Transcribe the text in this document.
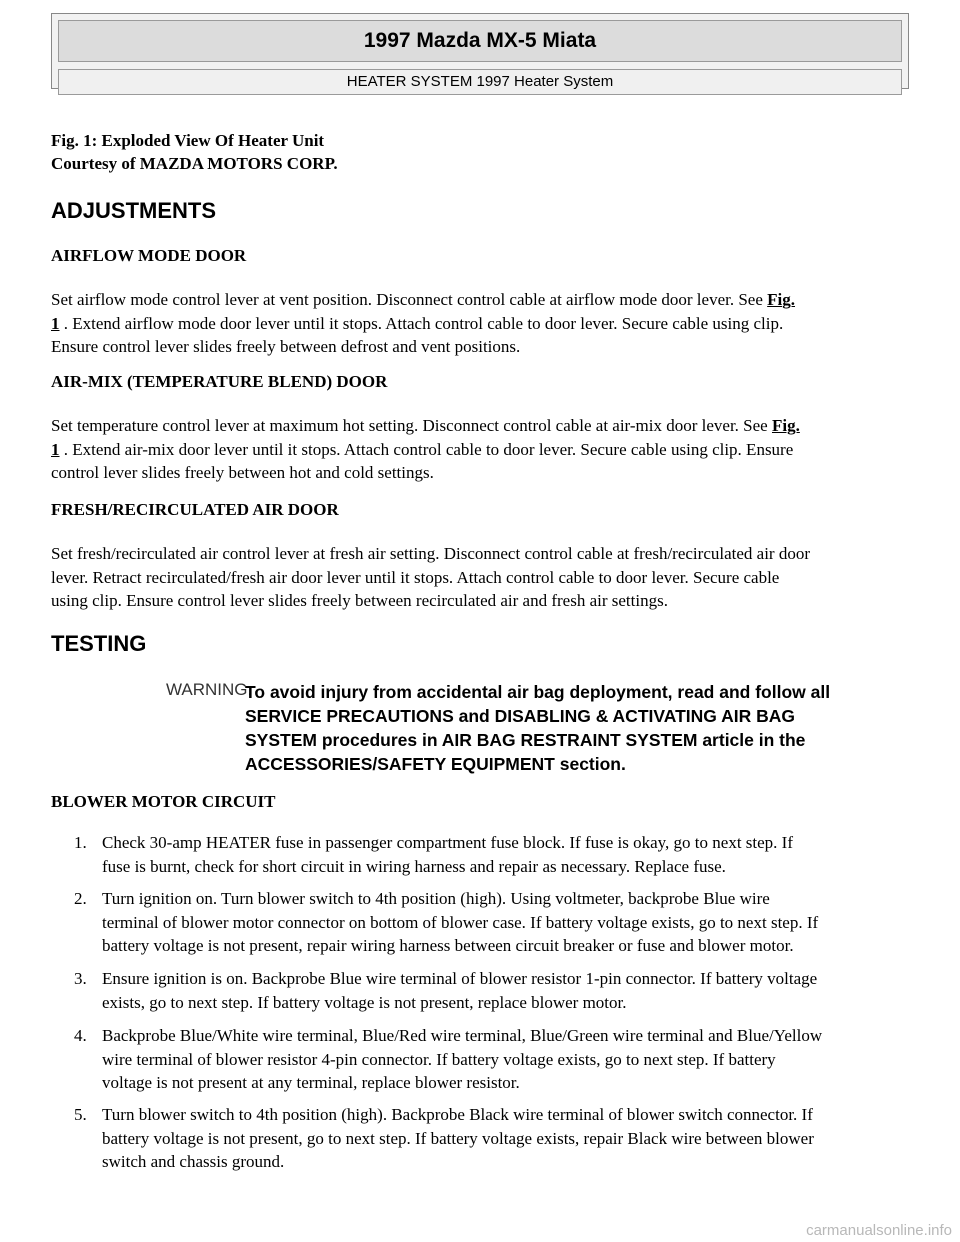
1997 Mazda MX-5 Miata
HEATER SYSTEM 1997 Heater System
Fig. 1: Exploded View Of Heater Unit
Courtesy of MAZDA MOTORS CORP.
ADJUSTMENTS
AIRFLOW MODE DOOR
Set airflow mode control lever at vent position. Disconnect control cable at airflow mode door lever. See Fig.
1 . Extend airflow mode door lever until it stops. Attach control cable to door lever. Secure cable using clip.
Ensure control lever slides freely between defrost and vent positions.
AIR-MIX (TEMPERATURE BLEND) DOOR
Set temperature control lever at maximum hot setting. Disconnect control cable at air-mix door lever. See Fig.
1 . Extend air-mix door lever until it stops. Attach control cable to door lever. Secure cable using clip. Ensure
control lever slides freely between hot and cold settings.
FRESH/RECIRCULATED AIR DOOR
Set fresh/recirculated air control lever at fresh air setting. Disconnect control cable at fresh/recirculated air door
lever. Retract recirculated/fresh air door lever until it stops. Attach control cable to door lever. Secure cable
using clip. Ensure control lever slides freely between recirculated air and fresh air settings.
TESTING
WARNING:
To avoid injury from accidental air bag deployment, read and follow all
SERVICE PRECAUTIONS and DISABLING & ACTIVATING AIR BAG
SYSTEM procedures in AIR BAG RESTRAINT SYSTEM article in the
ACCESSORIES/SAFETY EQUIPMENT section.
BLOWER MOTOR CIRCUIT
1. Check 30-amp HEATER fuse in passenger compartment fuse block. If fuse is okay, go to next step. If
fuse is burnt, check for short circuit in wiring harness and repair as necessary. Replace fuse.
2. Turn ignition on. Turn blower switch to 4th position (high). Using voltmeter, backprobe Blue wire
terminal of blower motor connector on bottom of blower case. If battery voltage exists, go to next step. If
battery voltage is not present, repair wiring harness between circuit breaker or fuse and blower motor.
3. Ensure ignition is on. Backprobe Blue wire terminal of blower resistor 1-pin connector. If battery voltage
exists, go to next step. If battery voltage is not present, replace blower motor.
4. Backprobe Blue/White wire terminal, Blue/Red wire terminal, Blue/Green wire terminal and Blue/Yellow
wire terminal of blower resistor 4-pin connector. If battery voltage exists, go to next step. If battery
voltage is not present at any terminal, replace blower resistor.
5. Turn blower switch to 4th position (high). Backprobe Black wire terminal of blower switch connector. If
battery voltage is not present, go to next step. If battery voltage exists, repair Black wire between blower
switch and chassis ground.
carmanualsonline.info
